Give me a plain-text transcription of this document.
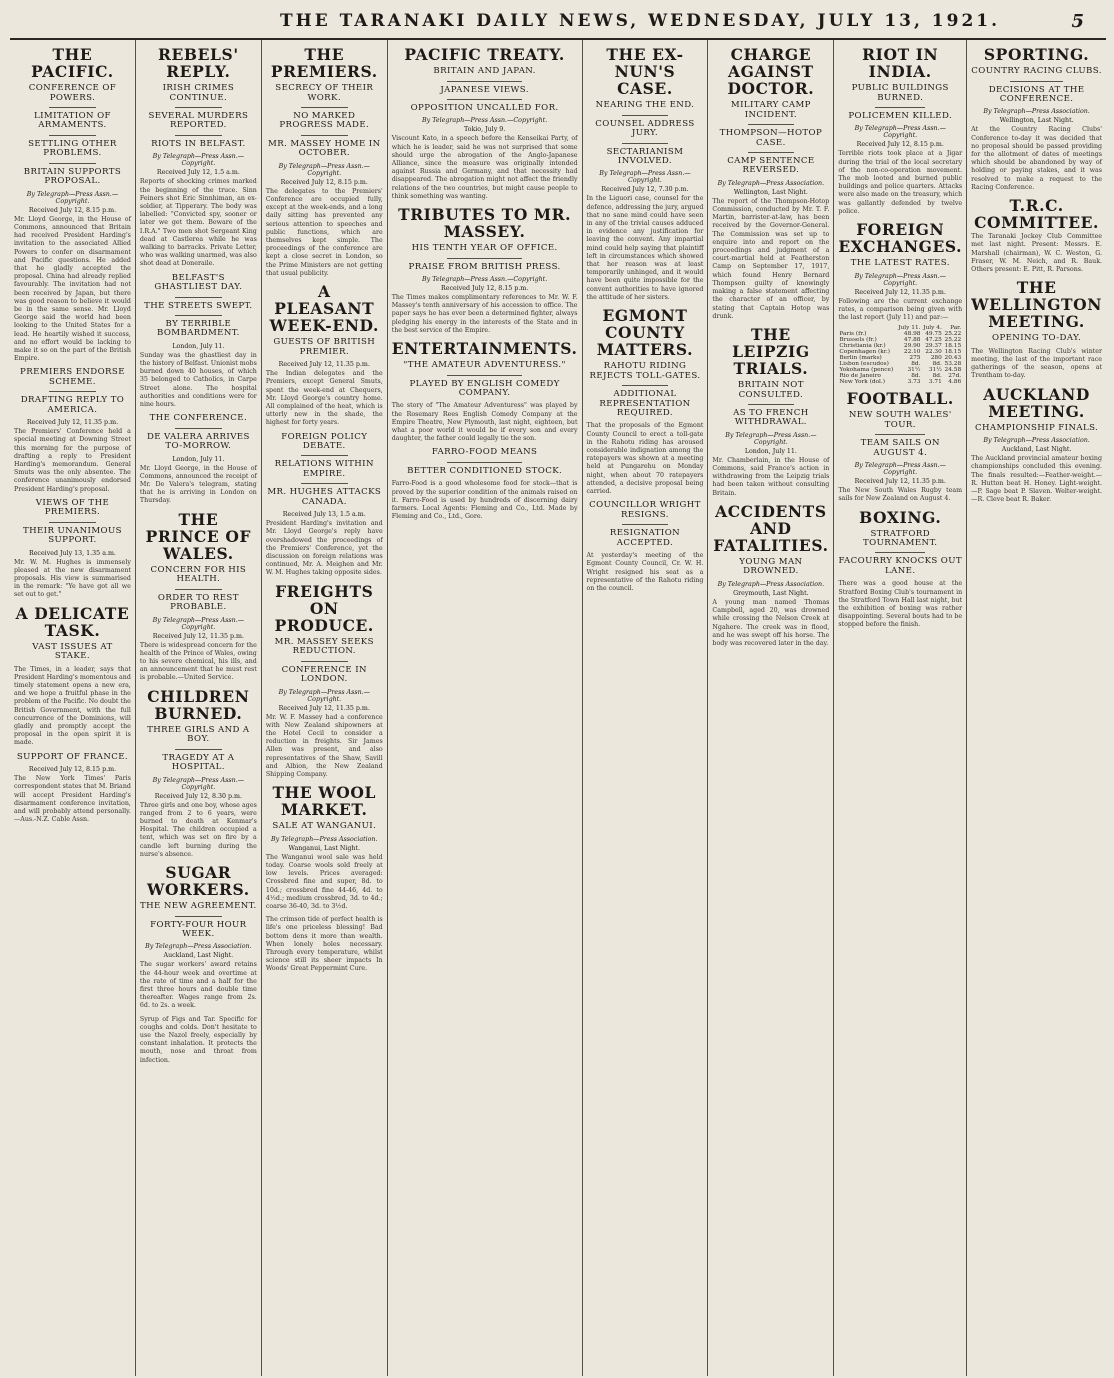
THE TARANAKI DAILY NEWS, WEDNESDAY, JULY 13, 1921.	5
THE PACIFIC.
CONFERENCE OF POWERS.
LIMITATION OF ARMAMENTS.
SETTLING OTHER PROBLEMS.
BRITAIN SUPPORTS PROPOSAL.
By Telegraph—Press Assn.—Copyright.
Received July 12, 8.15 p.m.
Mr. Lloyd George, in the House of Commons, announced that Britain had received President Harding's invitation to the associated Allied Powers to confer on disarmament and Pacific questions. He added that he gladly accepted the proposal. China had already replied favourably. The invitation had not been received by Japan, but there was good reason to believe it would be in the same sense. Mr. Lloyd George said the world had been looking to the United States for a lead. He heartily wished it success, and no effort would be lacking to make it so on the part of the British Empire.
PREMIERS ENDORSE SCHEME.
DRAFTING REPLY TO AMERICA.
Received July 12, 11.35 p.m.
The Premiers' Conference held a special meeting at Downing Street this morning for the purpose of drafting a reply to President Harding's memorandum. General Smuts was the only absentee. The conference unanimously endorsed President Harding's proposal.
VIEWS OF THE PREMIERS.
THEIR UNANIMOUS SUPPORT.
Received July 13, 1.35 a.m.
Mr. W. M. Hughes is immensely pleased at the new disarmament proposals. His view is summarised in the remark: "Ye have got all we set out to get."
A DELICATE TASK.
VAST ISSUES AT STAKE.
The Times, in a leader, says that President Harding's momentous and timely statement opens a new era, and we hope a fruitful phase in the problem of the Pacific. No doubt the British Government, with the full concurrence of the Dominions, will gladly and promptly accept the proposal in the open spirit it is made.
SUPPORT OF FRANCE.
Received July 12, 8.15 p.m.
The New York Times' Paris correspondent states that M. Briand will accept President Harding's disarmament conference invitation, and will probably attend personally.—Aus.-N.Z. Cable Assn.
REBELS' REPLY.
IRISH CRIMES CONTINUE.
SEVERAL MURDERS REPORTED.
RIOTS IN BELFAST.
By Telegraph—Press Assn.—Copyright.
Received July 12, 1.5 a.m.
Reports of shocking crimes marked the beginning of the truce. Sinn Feiners shot Eric Sinnhiman, an ex-soldier, at Tipperary. The body was labelled: "Convicted spy, sooner or later we get them. Beware of the I.R.A." Two men shot Sergeant King dead at Castlerea while he was walking to barracks. Private Letter, who was walking unarmed, was also shot dead at Doneraile.
BELFAST'S GHASTLIEST DAY.
THE STREETS SWEPT.
BY TERRIBLE BOMBARDMENT.
London, July 11.
Sunday was the ghastliest day in the history of Belfast. Unionist mobs burned down 40 houses, of which 35 belonged to Catholics, in Carpe Street alone. The hospital authorities and conditions were for nine hours.
THE CONFERENCE.
DE VALERA ARRIVES TO-MORROW.
London, July 11.
Mr. Lloyd George, in the House of Commons, announced the receipt of Mr. De Valera's telegram, stating that he is arriving in London on Thursday.
THE PRINCE OF WALES.
CONCERN FOR HIS HEALTH.
ORDER TO REST PROBABLE.
By Telegraph—Press Assn.—Copyright.
Received July 12, 11.35 p.m.
There is widespread concern for the health of the Prince of Wales, owing to his severe chemical, his ills, and an announcement that he must rest is probable.—United Service.
CHILDREN BURNED.
THREE GIRLS AND A BOY.
TRAGEDY AT A HOSPITAL.
By Telegraph—Press Assn.—Copyright.
Received July 12, 8.30 p.m.
Three girls and one boy, whose ages ranged from 2 to 6 years, were burned to death at Kenmar's Hospital. The children occupied a tent, which was set on fire by a candle left burning during the nurse's absence.
SUGAR WORKERS.
THE NEW AGREEMENT.
FORTY-FOUR HOUR WEEK.
By Telegraph—Press Association.
Auckland, Last Night.
The sugar workers' award retains the 44-hour week and overtime at the rate of time and a half for the first three hours and double time thereafter. Wages range from 2s. 6d. to 2s. a week.
Syrup of Figs and Tar. Specific for coughs and colds. Don't hesitate to use the Nazol freely, especially by constant inhalation. It protects the mouth, nose and throat from infection.
THE PREMIERS.
SECRECY OF THEIR WORK.
NO MARKED PROGRESS MADE.
MR. MASSEY HOME IN OCTOBER.
By Telegraph—Press Assn.—Copyright.
Received July 12, 8.15 p.m.
The delegates to the Premiers' Conference are occupied fully, except at the week-ends, and a long daily sitting has prevented any serious attention to speeches and public functions, which are themselves kept simple. The proceedings of the conference are kept a close secret in London, so the Prime Ministers are not getting that usual publicity.
A PLEASANT WEEK-END.
GUESTS OF BRITISH PREMIER.
Received July 12, 11.35 p.m.
The Indian delegates and the Premiers, except General Smuts, spent the week-end at Chequers, Mr. Lloyd George's country home. All complained of the heat, which is utterly new in the shade, the highest for forty years.
FOREIGN POLICY DEBATE.
RELATIONS WITHIN EMPIRE.
MR. HUGHES ATTACKS CANADA.
Received July 13, 1.5 a.m.
President Harding's invitation and Mr. Lloyd George's reply have overshadowed the proceedings of the Premiers' Conference, yet the discussion on foreign relations was continued, Mr. A. Meighen and Mr. W. M. Hughes taking opposite sides.
FREIGHTS ON PRODUCE.
MR. MASSEY SEEKS REDUCTION.
CONFERENCE IN LONDON.
By Telegraph—Press Assn.—Copyright.
Received July 12, 11.35 p.m.
Mr. W. F. Massey had a conference with New Zealand shipowners at the Hotel Cecil to consider a reduction in freights. Sir James Allen was present, and also representatives of the Shaw, Savill and Albion, the New Zealand Shipping Company.
THE WOOL MARKET.
SALE AT WANGANUI.
By Telegraph—Press Association.
Wanganui, Last Night.
The Wanganui wool sale was held today. Coarse wools sold freely at low levels. Prices averaged: Crossbred fine and super, 8d. to 10d.; crossbred fine 44-46, 4d. to 4½d.; medium crossbred, 3d. to 4d.; coarse 36-40, 3d. to 3½d.
The crimson tide of perfect health is life's one priceless blessing! Bad bottom dens it more than wealth. When lonely holes necessary. Through every temperature, whilst science still its sheer impacts In Woods' Great Peppermint Cure.
PACIFIC TREATY.
BRITAIN AND JAPAN.
JAPANESE VIEWS.
OPPOSITION UNCALLED FOR.
By Telegraph—Press Assn.—Copyright.
Tokio, July 9.
Viscount Kato, in a speech before the Kenseikai Party, of which he is leader, said he was not surprised that some should urge the abrogation of the Anglo-Japanese Alliance, since the measure was originally intended against Russia and Germany, and that necessity had disappeared. The abrogation might not affect the friendly relations of the two countries, but might cause people to think something was wanting.
TRIBUTES TO MR. MASSEY.
HIS TENTH YEAR OF OFFICE.
PRAISE FROM BRITISH PRESS.
By Telegraph—Press Assn.—Copyright.
Received July 12, 8.15 p.m.
The Times makes complimentary references to Mr. W. F. Massey's tenth anniversary of his accession to office. The paper says he has ever been a determined fighter, always pledging his energy in the interests of the State and in the best service of the Empire.
ENTERTAINMENTS.
"THE AMATEUR ADVENTURESS."
PLAYED BY ENGLISH COMEDY COMPANY.
The story of "The Amateur Adventuress" was played by the Rosemary Rees English Comedy Company at the Empire Theatre, New Plymouth, last night, eighteen, but what a poor world it would be if every son and every daughter, the father could legally tie the son.
FARRO-FOOD MEANS
BETTER CONDITIONED STOCK.
Farro-Food is a good wholesome food for stock—that is proved by the superior condition of the animals raised on it. Farro-Food is used by hundreds of discerning dairy farmers. Local Agents: Fleming and Co., Ltd. Made by Fleming and Co., Ltd., Gore.
THE EX-NUN'S CASE.
NEARING THE END.
COUNSEL ADDRESS JURY.
SECTARIANISM INVOLVED.
By Telegraph—Press Assn.—Copyright.
Received July 12, 7.30 p.m.
In the Liguori case, counsel for the defence, addressing the jury, argued that no sane mind could have seen in any of the trivial causes adduced in evidence any justification for leaving the convent. Any impartial mind could help saying that plaintiff left in circumstances which showed that her reason was at least temporarily unhinged, and it would have been quite impossible for the convent authorities to have ignored the attitude of her sisters.
EGMONT COUNTY MATTERS.
RAHOTU RIDING REJECTS TOLL-GATES.
ADDITIONAL REPRESENTATION REQUIRED.
That the proposals of the Egmont County Council to erect a toll-gate in the Rahotu riding has aroused considerable indignation among the ratepayers was shown at a meeting held at Pungarehu on Monday night, when about 70 ratepayers attended, a decisive proposal being carried.
COUNCILLOR WRIGHT RESIGNS.
RESIGNATION ACCEPTED.
At yesterday's meeting of the Egmont County Council, Cr. W. H. Wright resigned his seat as a representative of the Rahotu riding on the council.
CHARGE AGAINST DOCTOR.
MILITARY CAMP INCIDENT.
THOMPSON—HOTOP CASE.
CAMP SENTENCE REVERSED.
By Telegraph—Press Association.
Wellington, Last Night.
The report of the Thompson-Hotop Commission, conducted by Mr. T. F. Martin, barrister-at-law, has been received by the Governor-General. The Commission was set up to enquire into and report on the proceedings and judgment of a court-martial held at Featherston Camp on September 17, 1917, which found Henry Bernard Thompson guilty of knowingly making a false statement affecting the character of an officer, by stating that Captain Hotop was drunk.
THE LEIPZIG TRIALS.
BRITAIN NOT CONSULTED.
AS TO FRENCH WITHDRAWAL.
By Telegraph—Press Assn.—Copyright.
London, July 11.
Mr. Chamberlain, in the House of Commons, said France's action in withdrawing from the Leipzig trials had been taken without consulting Britain.
ACCIDENTS AND FATALITIES.
YOUNG MAN DROWNED.
By Telegraph—Press Association.
Greymouth, Last Night.
A young man named Thomas Campbell, aged 20, was drowned while crossing the Nelson Creek at Ngahere. The creek was in flood, and he was swept off his horse. The body was recovered later in the day.
RIOT IN INDIA.
PUBLIC BUILDINGS BURNED.
POLICEMEN KILLED.
By Telegraph—Press Assn.—Copyright.
Received July 12, 8.15 p.m.
Terrible riots took place at a Jigar during the trial of the local secretary of the non-co-operation movement. The mob looted and burned public buildings and police quarters. Attacks were also made on the treasury, which was gallantly defended by twelve police.
FOREIGN EXCHANGES.
THE LATEST RATES.
By Telegraph—Press Assn.—Copyright.
Received July 12, 11.35 p.m.
Following are the current exchange rates, a comparison being given with the last report (July 11) and par:—
	July 11.	July 4.	Par.
Paris (fr.)	48.98	49.75	25.22
Brussels (fr.)	47.88	47.25	25.22
Christiania (kr.)	29.90	29.37	18.15
Copenhagen (kr.)	22.10	22.30	18.15
Berlin (marks)	275	280	20.43
Lisbon (escudos)	8d.	8d.	53.28
Yokohama (pence)	31½	31½	24.58
Rio de Janeiro	8d.	8d.	27d.
New York (dol.)	3.73	3.71	4.86
FOOTBALL.
NEW SOUTH WALES' TOUR.
TEAM SAILS ON AUGUST 4.
By Telegraph—Press Assn.—Copyright.
Received July 12, 11.35 p.m.
The New South Wales Rugby team sails for New Zealand on August 4.
BOXING.
STRATFORD TOURNAMENT.
FACOURRY KNOCKS OUT LANE.
There was a good house at the Stratford Boxing Club's tournament in the Stratford Town Hall last night, but the exhibition of boxing was rather disappointing. Several bouts had to be stopped before the finish.
SPORTING.
COUNTRY RACING CLUBS.
DECISIONS AT THE CONFERENCE.
By Telegraph—Press Association.
Wellington, Last Night.
At the Country Racing Clubs' Conference to-day it was decided that no proposal should be passed providing for the allotment of dates of meetings which should be abandoned by way of holding or paying stakes, and it was resolved to make a request to the Racing Conference.
T.R.C. COMMITTEE.
The Taranaki Jockey Club Committee met last night. Present: Messrs. E. Marshall (chairman), W. C. Weston, G. Fraser, W. M. Neich, and R. Bauk. Others present: E. Pitt, R. Parsons.
THE WELLINGTON MEETING.
OPENING TO-DAY.
The Wellington Racing Club's winter meeting, the last of the important race gatherings of the season, opens at Trentham to-day.
AUCKLAND MEETING.
CHAMPIONSHIP FINALS.
By Telegraph—Press Association.
Auckland, Last Night.
The Auckland provincial amateur boxing championships concluded this evening. The finals resulted:—Feather-weight.—R. Hutton beat H. Honey. Light-weight.—P. Sage beat P. Slaven. Welter-weight.—R. Cleve beat R. Baker.
